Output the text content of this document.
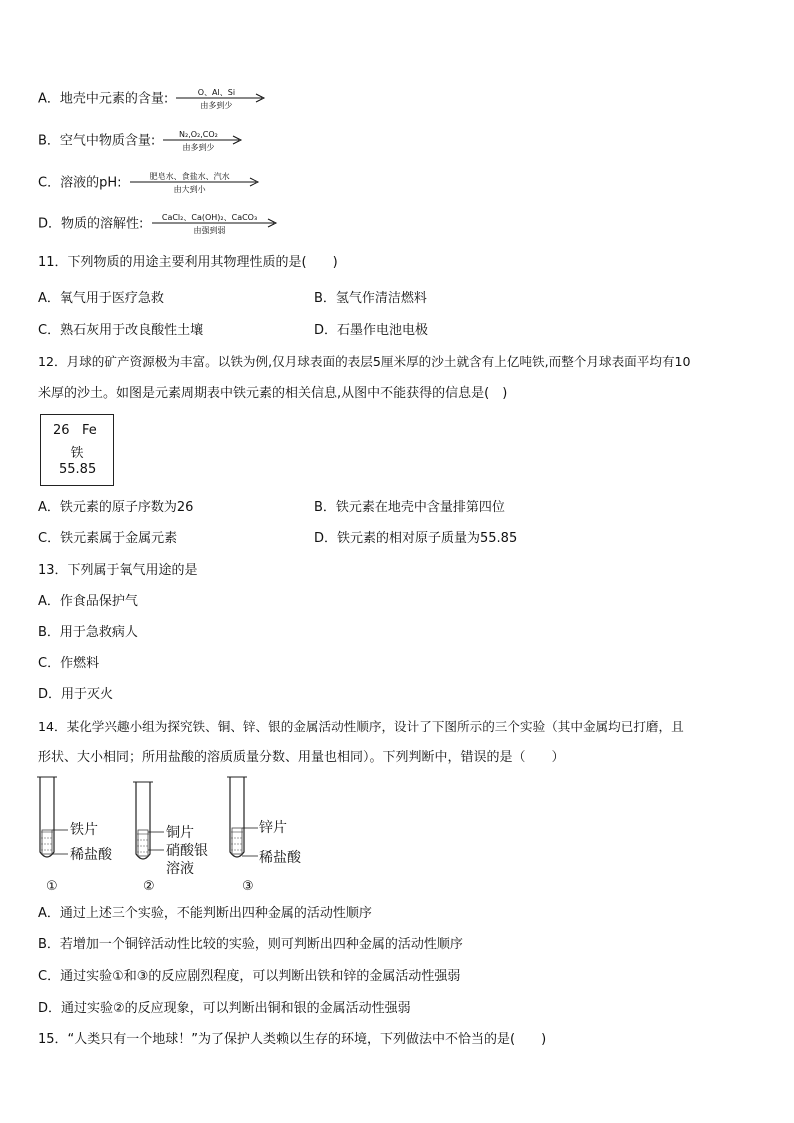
A．地壳中元素的含量:	O、Al、Si
由多到少
B．空气中物质含量:	N₂,O₂,CO₂
由多到少
C．溶液的pH:	肥皂水、食盐水、汽水
由大到小
D．物质的溶解性:	CaCl₂、Ca(OH)₂、CaCO₃
由强到弱
11．下列物质的用途主要利用其物理性质的是(　　)
A．氧气用于医疗急救	B．氢气作清洁燃料
C．熟石灰用于改良酸性土壤	D．石墨作电池电极
12．月球的矿产资源极为丰富。以铁为例,仅月球表面的表层5厘米厚的沙土就含有上亿吨铁,而整个月球表面平均有10
米厚的沙土。如图是元素周期表中铁元素的相关信息,从图中不能获得的信息是(　)
26 Fe
铁
55.85
A．铁元素的原子序数为26	B．铁元素在地壳中含量排第四位
C．铁元素属于金属元素	D．铁元素的相对原子质量为55.85
13．下列属于氧气用途的是
A．作食品保护气
B．用于急救病人
C．作燃料
D．用于灭火
14．某化学兴趣小组为探究铁、铜、锌、银的金属活动性顺序，设计了下图所示的三个实验（其中金属均已打磨，且
形状、大小相同；所用盐酸的溶质质量分数、用量也相同）。下列判断中，错误的是（　　）
铁片
稀盐酸
①
铜片
硝酸银
溶液
②
锌片
稀盐酸
③
A．通过上述三个实验，不能判断出四种金属的活动性顺序
B．若增加一个铜锌活动性比较的实验，则可判断出四种金属的活动性顺序
C．通过实验①和③的反应剧烈程度，可以判断出铁和锌的金属活动性强弱
D．通过实验②的反应现象，可以判断出铜和银的金属活动性强弱
15．“人类只有一个地球！”为了保护人类赖以生存的环境，下列做法中不恰当的是(　　)
